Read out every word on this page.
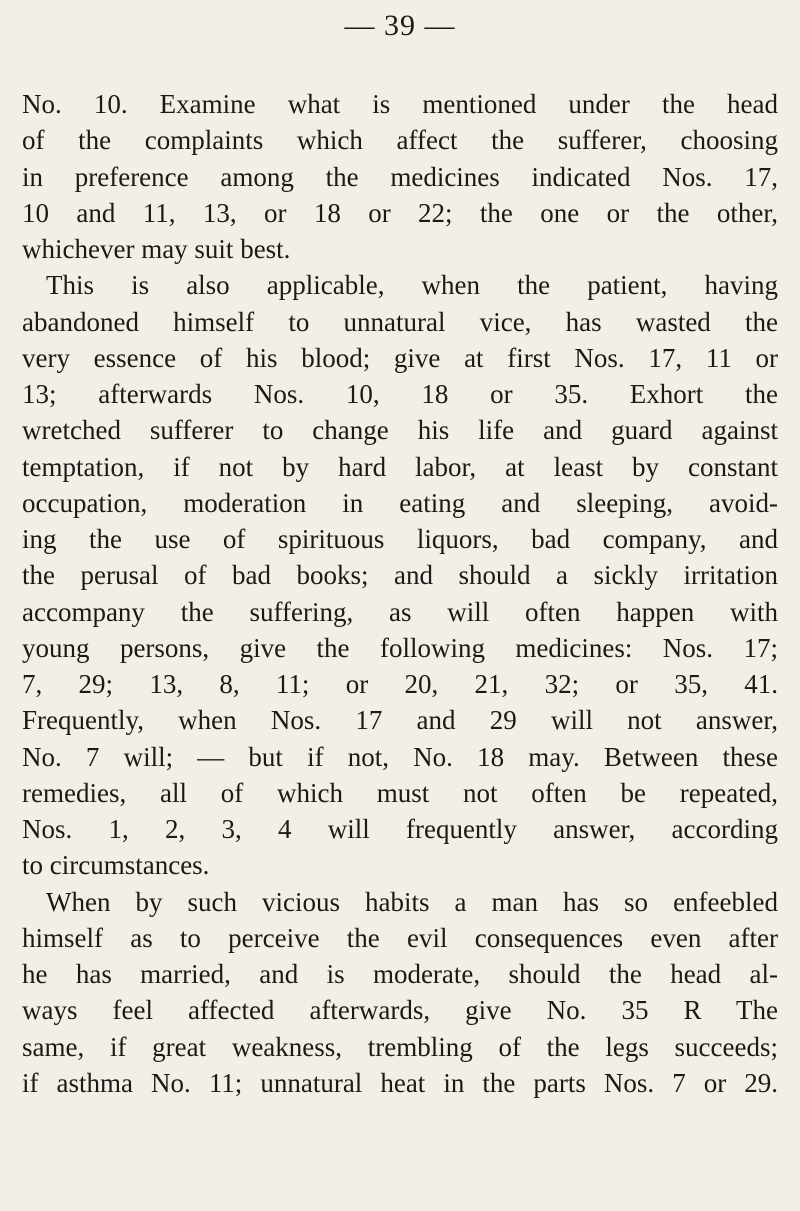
— 39 —
No. 10. Examine what is mentioned under the head
of the complaints which affect the sufferer, choosing
in preference among the medicines indicated Nos. 17,
10 and 11, 13, or 18 or 22; the one or the other,
whichever may suit best.
This is also applicable, when the patient, having
abandoned himself to unnatural vice, has wasted the
very essence of his blood; give at first Nos. 17, 11 or
13; afterwards Nos. 10, 18 or 35. Exhort the
wretched sufferer to change his life and guard against
temptation, if not by hard labor, at least by constant
occupation, moderation in eating and sleeping, avoid-
ing the use of spirituous liquors, bad company, and
the perusal of bad books; and should a sickly irritation
accompany the suffering, as will often happen with
young persons, give the following medicines: Nos. 17;
7, 29; 13, 8, 11; or 20, 21, 32; or 35, 41.
Frequently, when Nos. 17 and 29 will not answer,
No. 7 will; — but if not, No. 18 may. Between these
remedies, all of which must not often be repeated,
Nos. 1, 2, 3, 4 will frequently answer, according
to circumstances.
When by such vicious habits a man has so enfeebled
himself as to perceive the evil consequences even after
he has married, and is moderate, should the head al-
ways feel affected afterwards, give No. 35 R The
same, if great weakness, trembling of the legs succeeds;
if asthma No. 11; unnatural heat in the parts Nos. 7 or 29.
